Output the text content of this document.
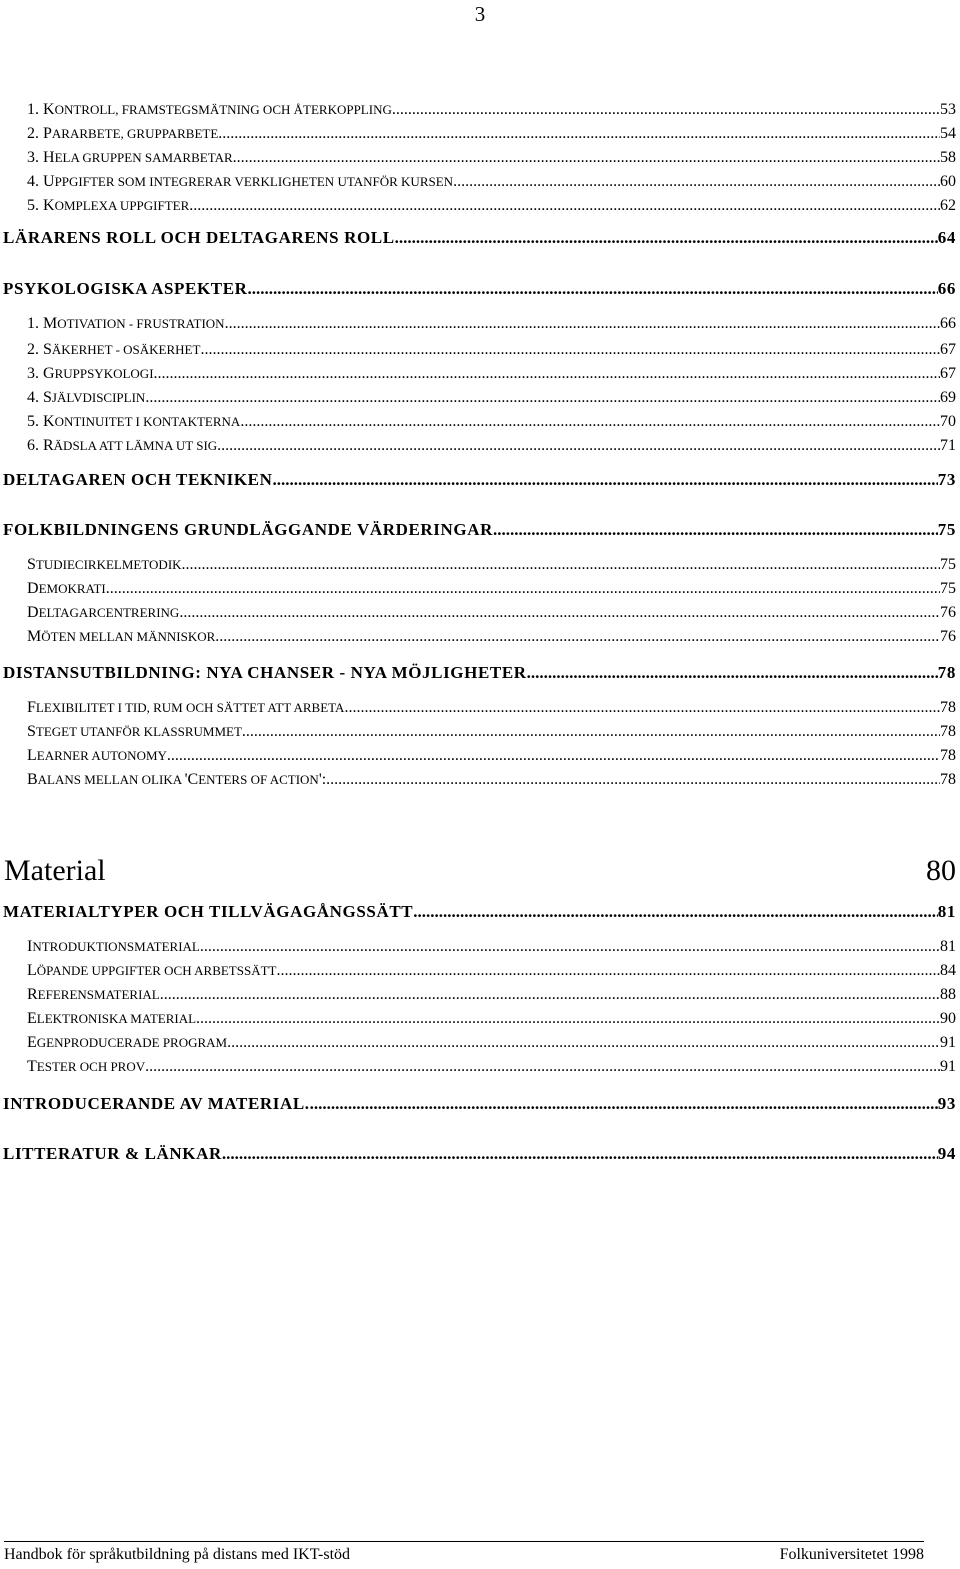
3
1. KONTROLL, FRAMSTEGSMÄTNING OCH ÅTERKOPPLING .....	53
2. PARARBETE, GRUPPARBETE .....	54
3. HELA GRUPPEN SAMARBETAR .....	58
4. UPPGIFTER SOM INTEGRERAR VERKLIGHETEN UTANFÖR KURSEN .....	60
5. KOMPLEXA UPPGIFTER .....	62
LÄRARENS ROLL OCH DELTAGARENS ROLL .....	64
PSYKOLOGISKA ASPEKTER .....	66
1. MOTIVATION - FRUSTRATION .....	66
2. SÄKERHET - OSÄKERHET .....	67
3. GRUPPSYKOLOGI .....	67
4. SJÄLVDISCIPLIN .....	69
5. KONTINUITET I KONTAKTERNA .....	70
6. RÄDSLA ATT LÄMNA UT SIG .....	71
DELTAGAREN OCH TEKNIKEN .....	73
FOLKBILDNINGENS GRUNDLÄGGANDE VÄRDERINGAR .....	75
STUDIECIRKELMETODIK .....	75
DEMOKRATI .....	75
DELTAGARCENTRERING .....	76
MÖTEN MELLAN MÄNNISKOR .....	76
DISTANSUTBILDNING: NYA CHANSER - NYA MÖJLIGHETER .....	78
FLEXIBILITET I TID, RUM OCH SÄTTET ATT ARBETA .....	78
STEGET UTANFÖR KLASSRUMMET .....	78
LEARNER AUTONOMY .....	78
BALANS MELLAN OLIKA 'CENTERS OF ACTION': .....	78
MATERIALTYPER OCH TILLVÄGAGÅNGSSÄTT .....	81
INTRODUKTIONSMATERIAL .....	81
LÖPANDE UPPGIFTER OCH ARBETSSÄTT .....	84
REFERENSMATERIAL .....	88
ELEKTRONISKA MATERIAL .....	90
EGENPRODUCERADE PROGRAM .....	91
TESTER OCH PROV .....	91
INTRODUCERANDE AV MATERIAL. .....	93
LITTERATUR & LÄNKAR .....	94
Material	80
Handbok för språkutbildning på distans med IKT-stöd	Folkuniversitetet 1998
